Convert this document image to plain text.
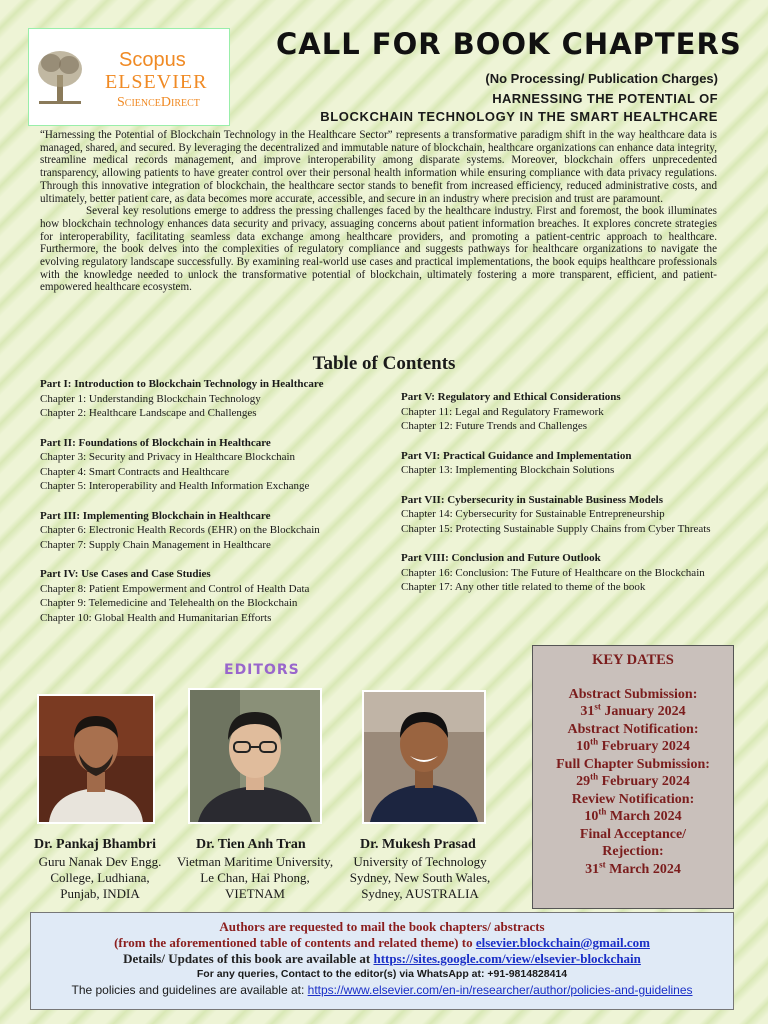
Scopus
ELSEVIER
ScienceDirect
CALL FOR BOOK CHAPTERS
(No Processing/ Publication Charges)
HARNESSING THE POTENTIAL OF
BLOCKCHAIN TECHNOLOGY IN THE SMART HEALTHCARE

“Harnessing the Potential of Blockchain Technology in the Healthcare Sector” represents a transformative paradigm shift in the way healthcare data is managed, shared, and secured. By leveraging the decentralized and immutable nature of blockchain, healthcare organizations can enhance data integrity, streamline medical records management, and improve interoperability among disparate systems. Moreover, blockchain offers unprecedented transparency, allowing patients to have greater control over their personal health information while ensuring compliance with data privacy regulations. Through this innovative integration of blockchain, the healthcare sector stands to benefit from increased efficiency, reduced administrative costs, and ultimately, better patient care, as data becomes more accurate, accessible, and secure in an industry where precision and trust are paramount.

Several key resolutions emerge to address the pressing challenges faced by the healthcare industry. First and foremost, the book illuminates how blockchain technology enhances data security and privacy, assuaging concerns about patient information breaches. It explores concrete strategies for interoperability, facilitating seamless data exchange among healthcare providers, and promoting a patient-centric approach to healthcare. Furthermore, the book delves into the complexities of regulatory compliance and suggests pathways for healthcare organizations to navigate the evolving regulatory landscape successfully. By examining real-world use cases and practical implementations, the book equips healthcare professionals with the knowledge needed to unlock the transformative potential of blockchain, ultimately fostering a more transparent, efficient, and patient-empowered healthcare ecosystem.

Table of Contents
Part I: Introduction to Blockchain Technology in Healthcare
Chapter 1: Understanding Blockchain Technology
Chapter 2: Healthcare Landscape and Challenges
Part II: Foundations of Blockchain in Healthcare
Chapter 3: Security and Privacy in Healthcare Blockchain
Chapter 4: Smart Contracts and Healthcare
Chapter 5: Interoperability and Health Information Exchange
Part III: Implementing Blockchain in Healthcare
Chapter 6: Electronic Health Records (EHR) on the Blockchain
Chapter 7: Supply Chain Management in Healthcare
Part IV: Use Cases and Case Studies
Chapter 8: Patient Empowerment and Control of Health Data
Chapter 9: Telemedicine and Telehealth on the Blockchain
Chapter 10: Global Health and Humanitarian Efforts
Part V: Regulatory and Ethical Considerations
Chapter 11: Legal and Regulatory Framework
Chapter 12: Future Trends and Challenges
Part VI: Practical Guidance and Implementation
Chapter 13: Implementing Blockchain Solutions
Part VII: Cybersecurity in Sustainable Business Models
Chapter 14: Cybersecurity for Sustainable Entrepreneurship
Chapter 15: Protecting Sustainable Supply Chains from Cyber Threats
Part VIII: Conclusion and Future Outlook
Chapter 16: Conclusion: The Future of Healthcare on the Blockchain
Chapter 17: Any other title related to theme of the book
EDITORS
Dr. Pankaj Bhambri
Guru Nanak Dev Engg.
College, Ludhiana,
Punjab, INDIA
Dr. Tien Anh Tran
Vietman Maritime University,
Le Chan, Hai Phong,
VIETNAM
Dr. Mukesh Prasad
University of Technology
Sydney, New South Wales,
Sydney, AUSTRALIA
KEY DATES
Abstract Submission:
31st January 2024
Abstract Notification:
10th February 2024
Full Chapter Submission:
29th February 2024
Review Notification:
10th March 2024
Final Acceptance/ Rejection:
31st March 2024
Authors are requested to mail the book chapters/ abstracts
(from the aforementioned table of contents and related theme) to elsevier.blockchain@gmail.com
Details/ Updates of this book are available at https://sites.google.com/view/elsevier-blockchain
For any queries, Contact to the editor(s) via WhatsApp at: +91-9814828414
The policies and guidelines are available at: https://www.elsevier.com/en-in/researcher/author/policies-and-guidelines
